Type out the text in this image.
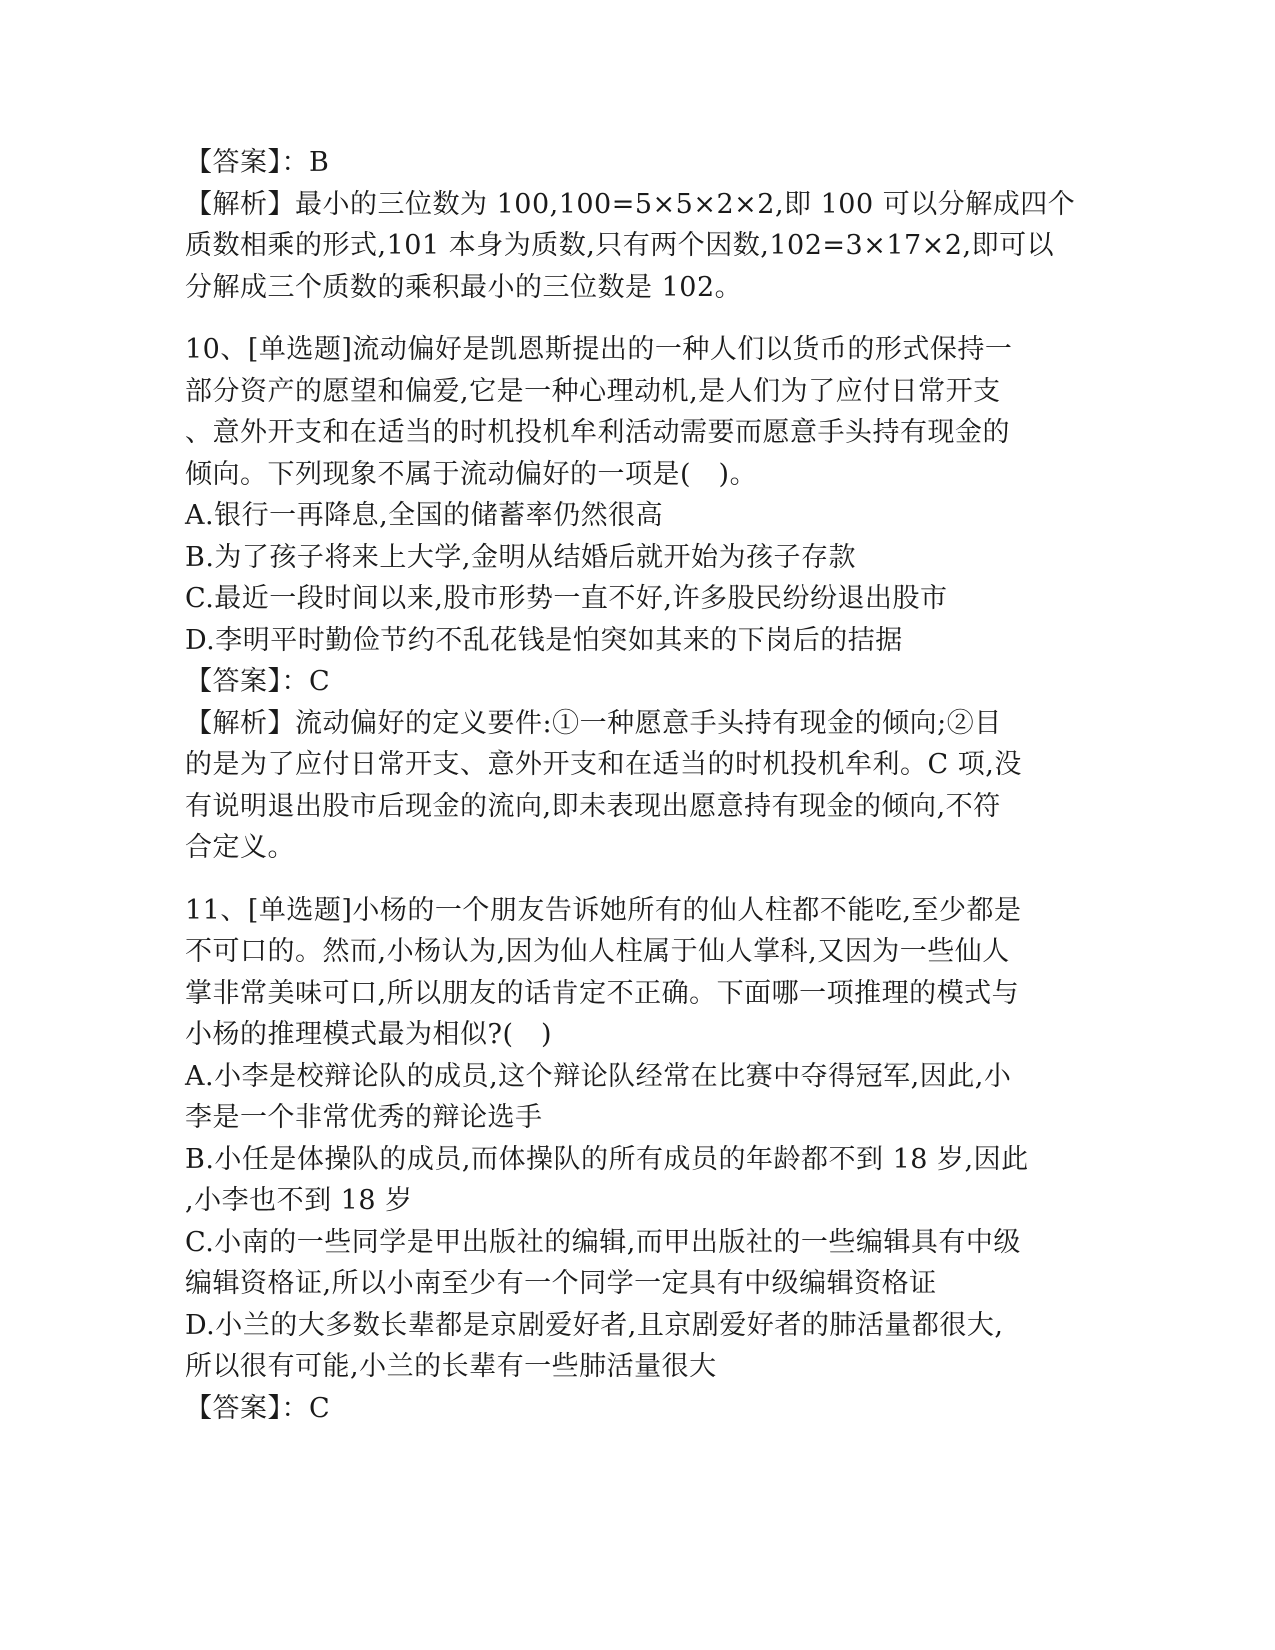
【答案】：B
【解析】最小的三位数为 100,100=5×5×2×2,即 100 可以分解成四个
质数相乘的形式,101 本身为质数,只有两个因数,102=3×17×2,即可以
分解成三个质数的乘积最小的三位数是 102。
10、[单选题]流动偏好是凯恩斯提出的一种人们以货币的形式保持一
部分资产的愿望和偏爱,它是一种心理动机,是人们为了应付日常开支
、意外开支和在适当的时机投机牟利活动需要而愿意手头持有现金的
倾向。下列现象不属于流动偏好的一项是(　)。
A.银行一再降息,全国的储蓄率仍然很高
B.为了孩子将来上大学,金明从结婚后就开始为孩子存款
C.最近一段时间以来,股市形势一直不好,许多股民纷纷退出股市
D.李明平时勤俭节约不乱花钱是怕突如其来的下岗后的拮据
【答案】：C
【解析】流动偏好的定义要件:①一种愿意手头持有现金的倾向;②目
的是为了应付日常开支、意外开支和在适当的时机投机牟利。C 项,没
有说明退出股市后现金的流向,即未表现出愿意持有现金的倾向,不符
合定义。
11、[单选题]小杨的一个朋友告诉她所有的仙人柱都不能吃,至少都是
不可口的。然而,小杨认为,因为仙人柱属于仙人掌科,又因为一些仙人
掌非常美味可口,所以朋友的话肯定不正确。下面哪一项推理的模式与
小杨的推理模式最为相似?(　)
A.小李是校辩论队的成员,这个辩论队经常在比赛中夺得冠军,因此,小
李是一个非常优秀的辩论选手
B.小任是体操队的成员,而体操队的所有成员的年龄都不到 18 岁,因此
,小李也不到 18 岁
C.小南的一些同学是甲出版社的编辑,而甲出版社的一些编辑具有中级
编辑资格证,所以小南至少有一个同学一定具有中级编辑资格证
D.小兰的大多数长辈都是京剧爱好者,且京剧爱好者的肺活量都很大,
所以很有可能,小兰的长辈有一些肺活量很大
【答案】：C
